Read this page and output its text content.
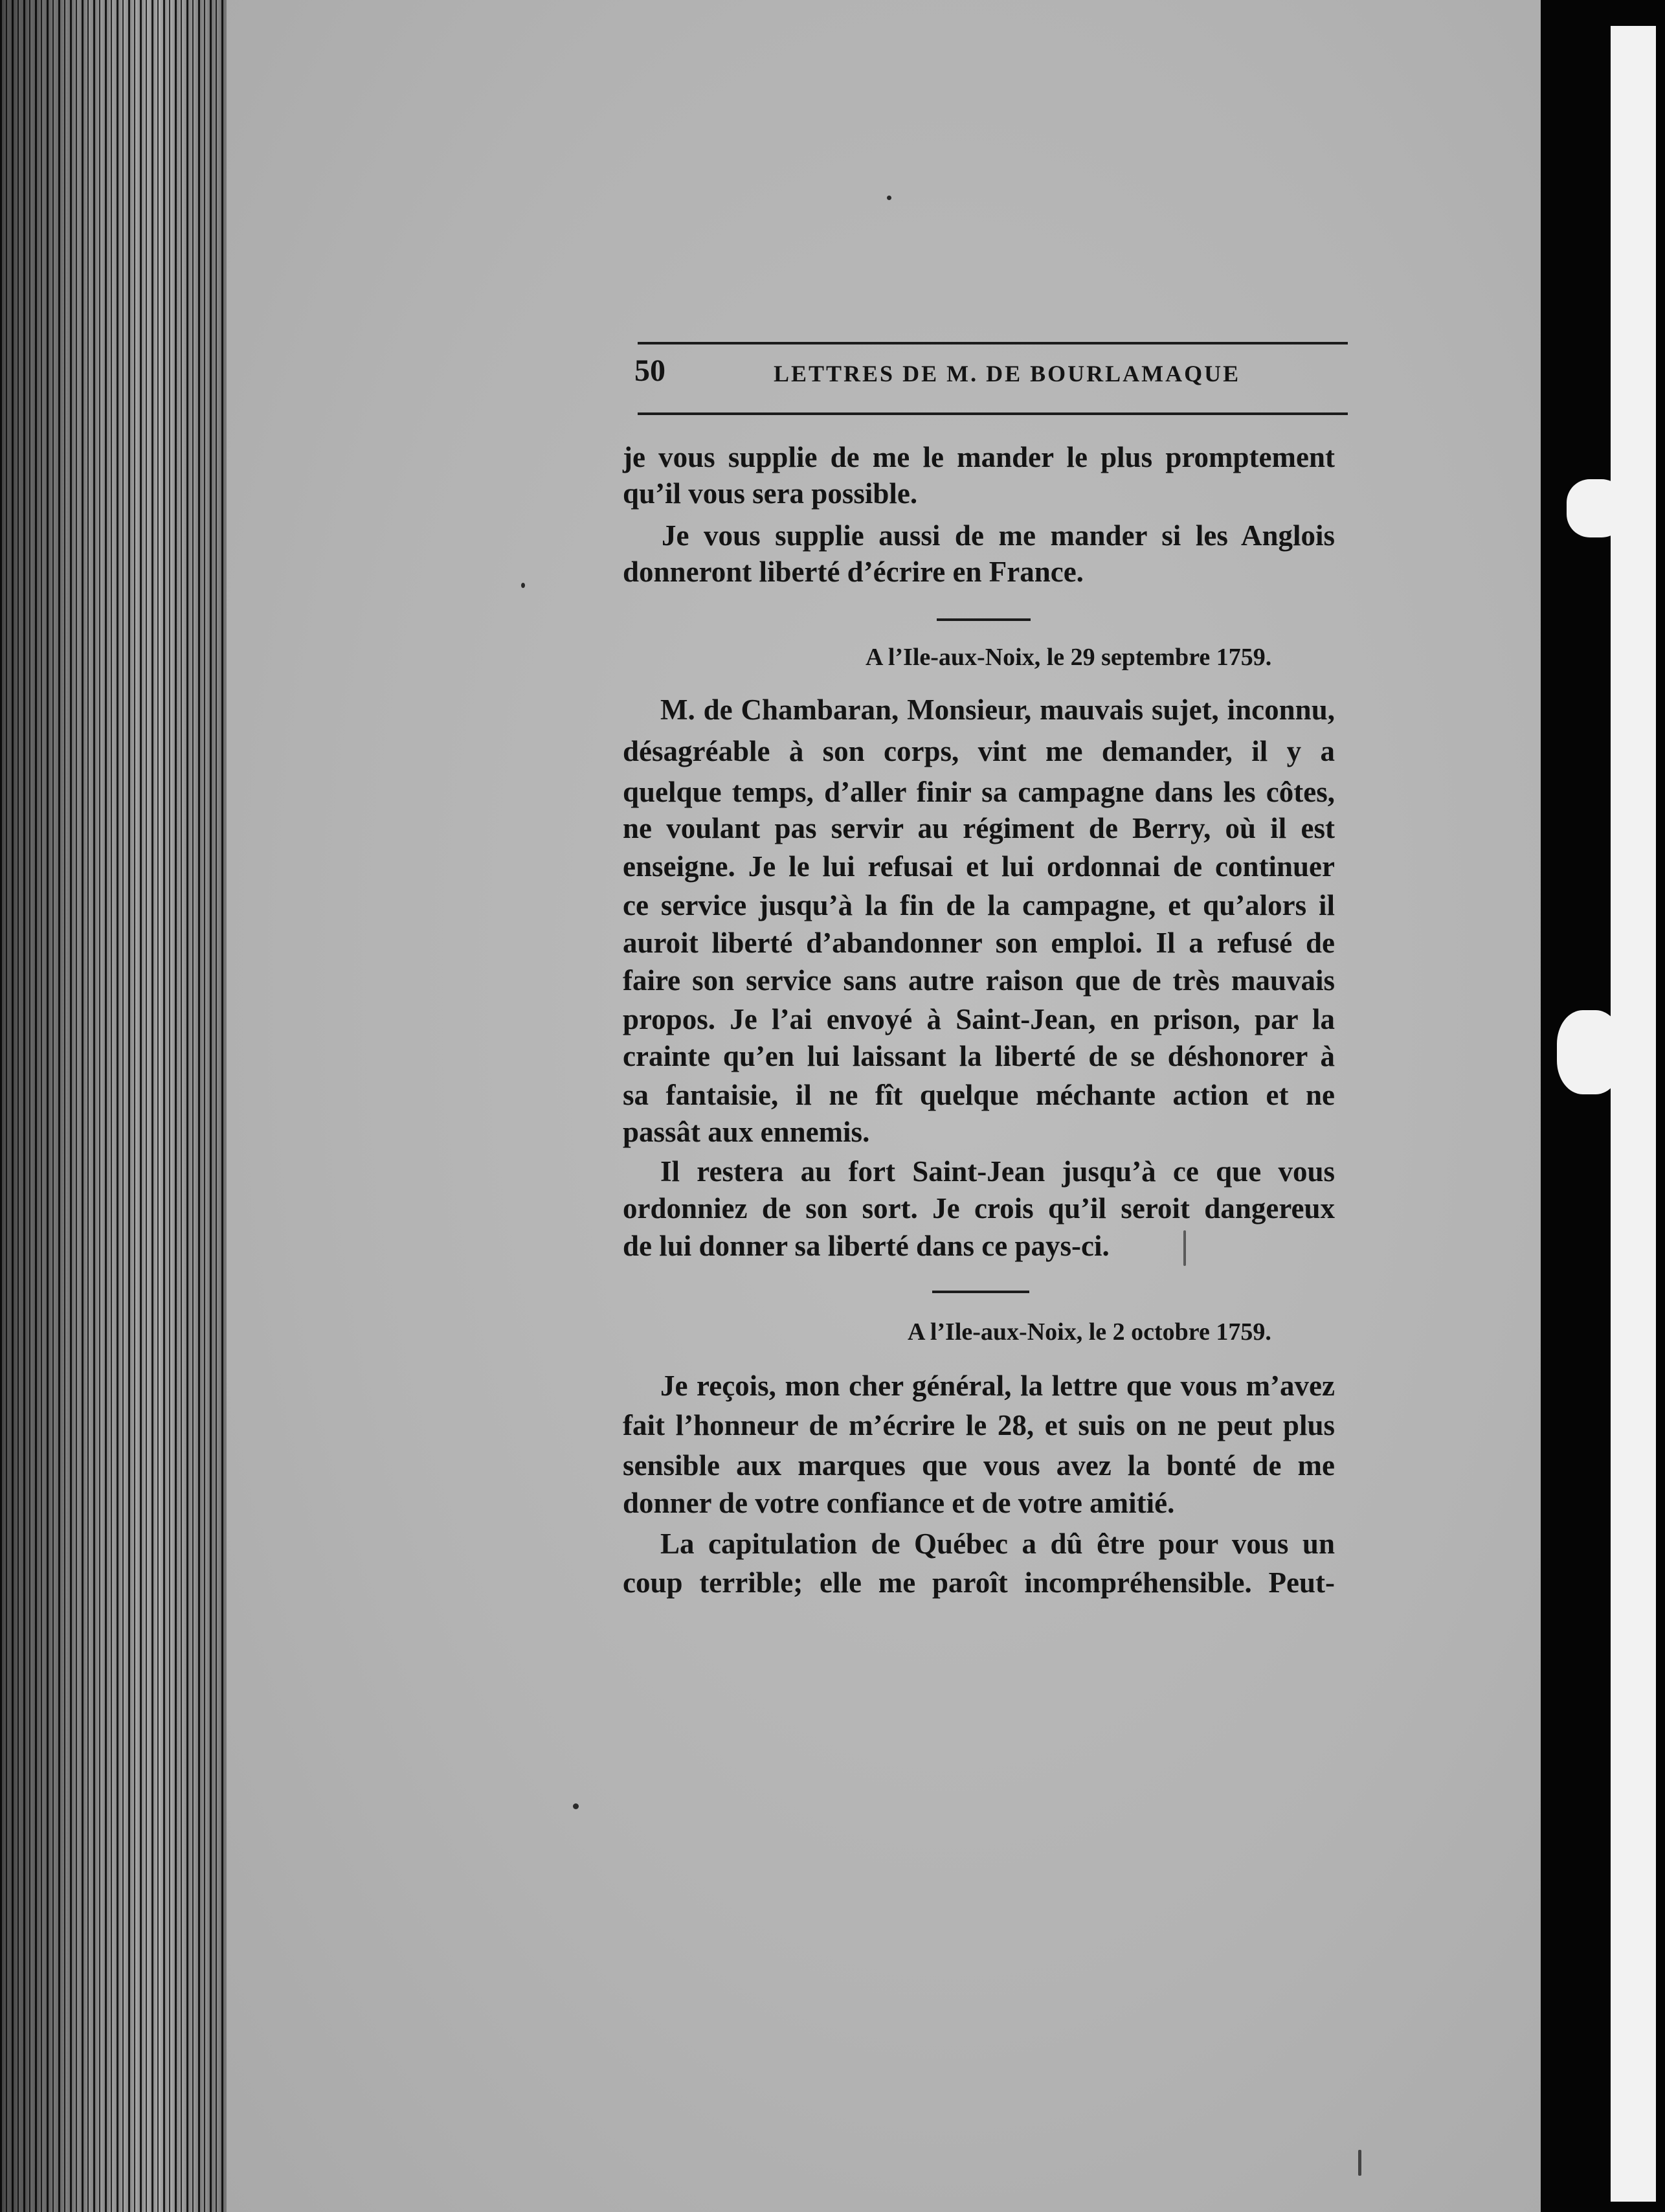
50	LETTRES DE M. DE BOURLAMAQUE
je vous supplie de me le mander le plus promptement
qu’il vous sera possible.
Je vous supplie aussi de me mander si les Anglois
donneront liberté d’écrire en France.
A l’Ile-aux-Noix, le 29 septembre 1759.
M. de Chambaran, Monsieur, mauvais sujet, inconnu,
désagréable à son corps, vint me demander, il y a
quelque temps, d’aller finir sa campagne dans les côtes,
ne voulant pas servir au régiment de Berry, où il est
enseigne. Je le lui refusai et lui ordonnai de continuer
ce service jusqu’à la fin de la campagne, et qu’alors il
auroit liberté d’abandonner son emploi. Il a refusé de
faire son service sans autre raison que de très mauvais
propos. Je l’ai envoyé à Saint-Jean, en prison, par la
crainte qu’en lui laissant la liberté de se déshonorer à
sa fantaisie, il ne fît quelque méchante action et ne
passât aux ennemis.
Il restera au fort Saint-Jean jusqu’à ce que vous
ordonniez de son sort. Je crois qu’il seroit dangereux
de lui donner sa liberté dans ce pays-ci.
A l’Ile-aux-Noix, le 2 octobre 1759.
Je reçois, mon cher général, la lettre que vous m’avez
fait l’honneur de m’écrire le 28, et suis on ne peut plus
sensible aux marques que vous avez la bonté de me
donner de votre confiance et de votre amitié.
La capitulation de Québec a dû être pour vous un
coup terrible; elle me paroît incompréhensible. Peut-
